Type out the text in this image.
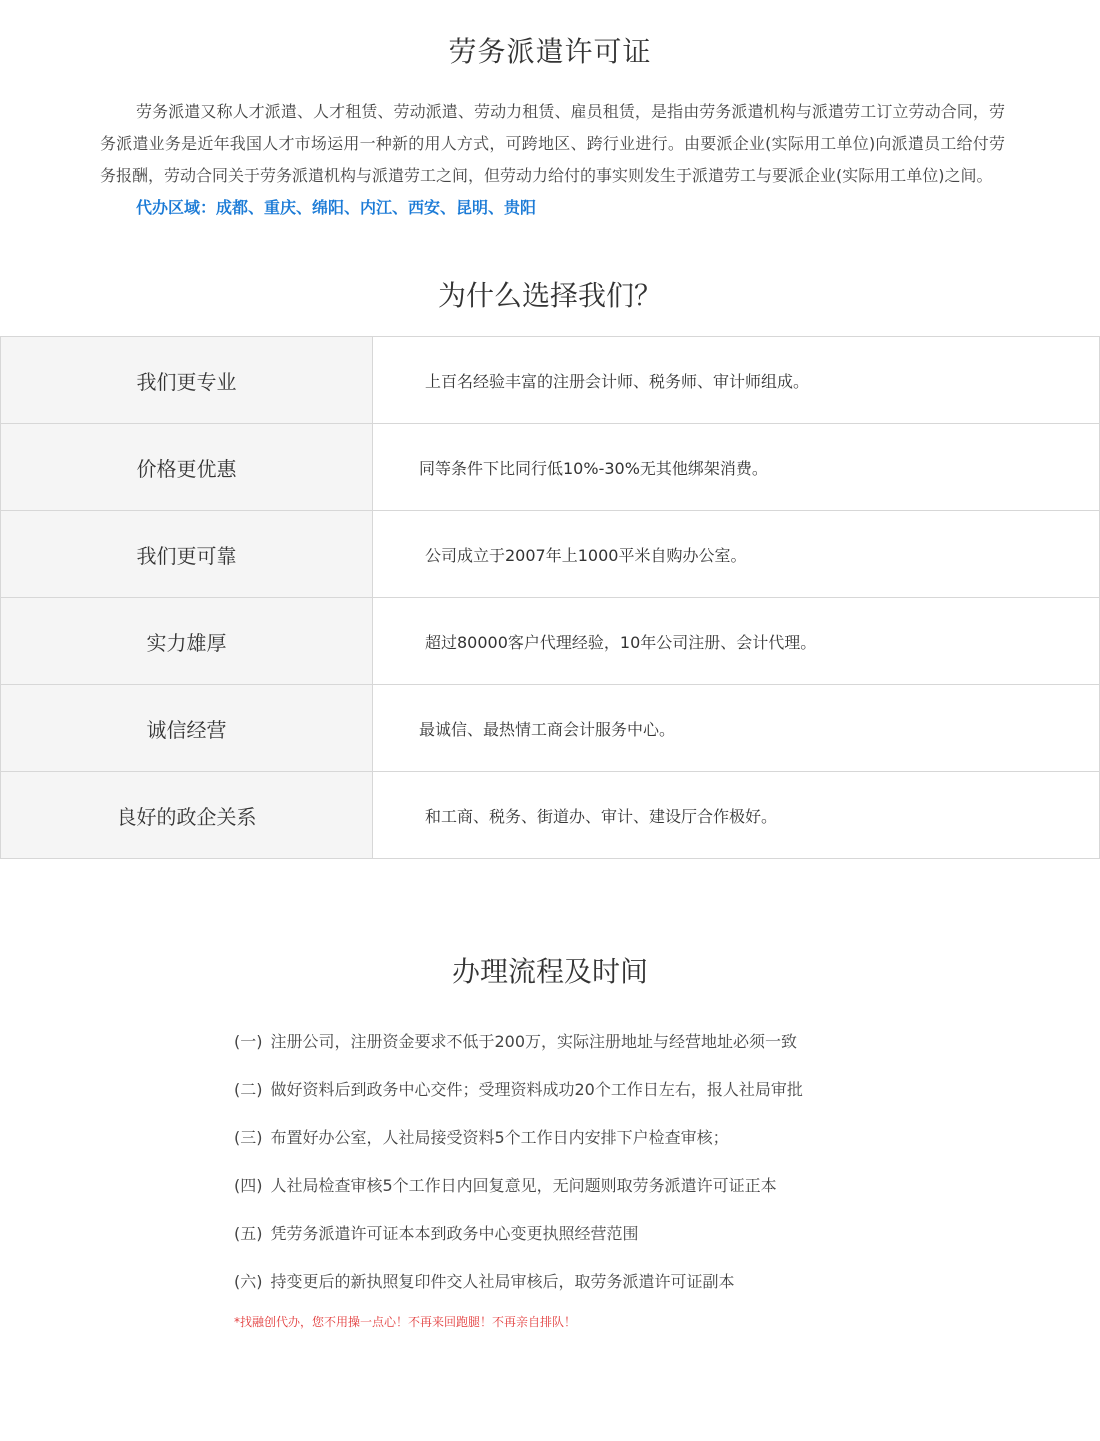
劳务派遣许可证

劳务派遣又称人才派遣、人才租赁、劳动派遣、劳动力租赁、雇员租赁，是指由劳务派遣机构与派遣劳工订立劳动合同，劳务派遣业务是近年我国人才市场运用一种新的用人方式，可跨地区、跨行业进行。由要派企业(实际用工单位)向派遣员工给付劳务报酬，劳动合同关于劳务派遣机构与派遣劳工之间，但劳动力给付的事实则发生于派遣劳工与要派企业(实际用工单位)之间。

代办区域：成都、重庆、绵阳、内江、西安、昆明、贵阳
为什么选择我们？
我们更专业	上百名经验丰富的注册会计师、税务师、审计师组成。
价格更优惠	同等条件下比同行低10%-30%无其他绑架消费。
我们更可靠	公司成立于2007年上1000平米自购办公室。
实力雄厚	超过80000客户代理经验，10年公司注册、会计代理。
诚信经营	最诚信、最热情工商会计服务中心。
良好的政企关系	和工商、税务、街道办、审计、建设厅合作极好。
办理流程及时间
(一) 注册公司，注册资金要求不低于200万，实际注册地址与经营地址必须一致
(二) 做好资料后到政务中心交件；受理资料成功20个工作日左右，报人社局审批
(三) 布置好办公室，人社局接受资料5个工作日内安排下户检查审核；
(四) 人社局检查审核5个工作日内回复意见，无问题则取劳务派遣许可证正本
(五) 凭劳务派遣许可证本本到政务中心变更执照经营范围
(六) 持变更后的新执照复印件交人社局审核后，取劳务派遣许可证副本
*找融创代办，您不用操一点心！不再来回跑腿！不再亲自排队！
